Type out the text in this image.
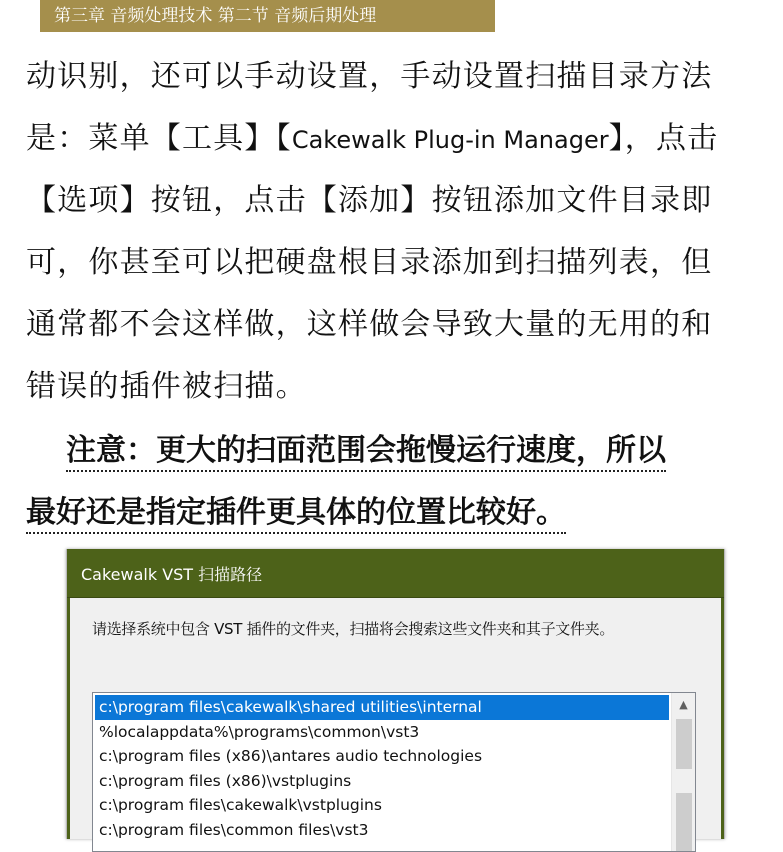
第三章 音频处理技术 第二节 音频后期处理
动识别，还可以手动设置，手动设置扫描目录方法
是：菜单【工具】【Cakewalk Plug-in Manager】，点击
【选项】按钮，点击【添加】按钮添加文件目录即
可，你甚至可以把硬盘根目录添加到扫描列表，但
通常都不会这样做，这样做会导致大量的无用的和
错误的插件被扫描。
注意：更大的扫面范围会拖慢运行速度，所以
最好还是指定插件更具体的位置比较好。
Cakewalk VST 扫描路径
请选择系统中包含 VST 插件的文件夹，扫描将会搜索这些文件夹和其子文件夹。
c:\program files\cakewalk\shared utilities\internal
%localappdata%\programs\common\vst3
c:\program files (x86)\antares audio technologies
c:\program files (x86)\vstplugins
c:\program files\cakewalk\vstplugins
c:\program files\common files\vst3
▲
